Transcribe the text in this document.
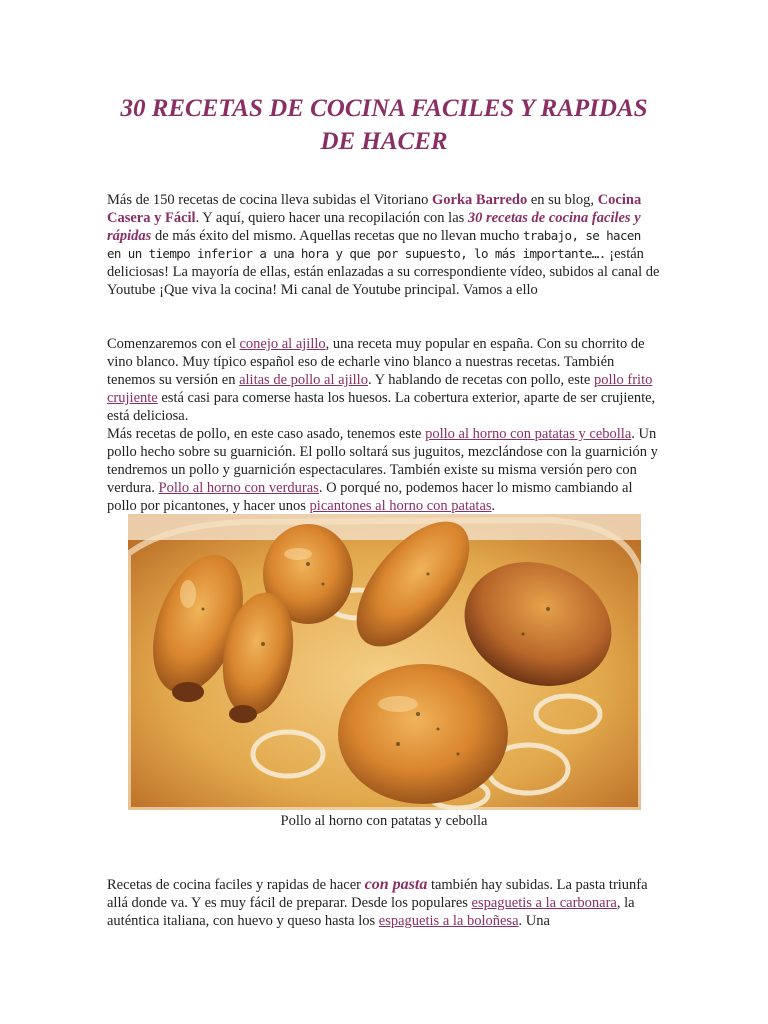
30 RECETAS DE COCINA FACILES Y RAPIDAS DE HACER

Más de 150 recetas de cocina lleva subidas el Vitoriano Gorka Barredo en su blog, Cocina Casera y Fácil. Y aquí, quiero hacer una recopilación con las 30 recetas de cocina faciles y rápidas de más éxito del mismo. Aquellas recetas que no llevan mucho trabajo, se hacen en un tiempo inferior a una hora y que por supuesto, lo más importante…. ¡están deliciosas! La mayoría de ellas, están enlazadas a su correspondiente vídeo, subidos al canal de Youtube ¡Que viva la cocina! Mi canal de Youtube principal. Vamos a ello

Comenzaremos con el conejo al ajillo, una receta muy popular en españa. Con su chorrito de vino blanco. Muy típico español eso de echarle vino blanco a nuestras recetas. También tenemos su versión en alitas de pollo al ajillo. Y hablando de recetas con pollo, este pollo frito crujiente está casi para comerse hasta los huesos. La cobertura exterior, aparte de ser crujiente, está deliciosa.
Más recetas de pollo, en este caso asado, tenemos este pollo al horno con patatas y cebolla. Un pollo hecho sobre su guarnición. El pollo soltará sus juguitos, mezclándose con la guarnición y tendremos un pollo y guarnición espectaculares. También existe su misma versión pero con verdura. Pollo al horno con verduras. O porqué no, podemos hacer lo mismo cambiando al pollo por picantones, y hacer unos picantones al horno con patatas.

Pollo al horno con patatas y cebolla

Recetas de cocina faciles y rapidas de hacer con pasta también hay subidas. La pasta triunfa allá donde va. Y es muy fácil de preparar. Desde los populares espaguetis a la carbonara, la auténtica italiana, con huevo y queso hasta los espaguetis a la boloñesa. Una
